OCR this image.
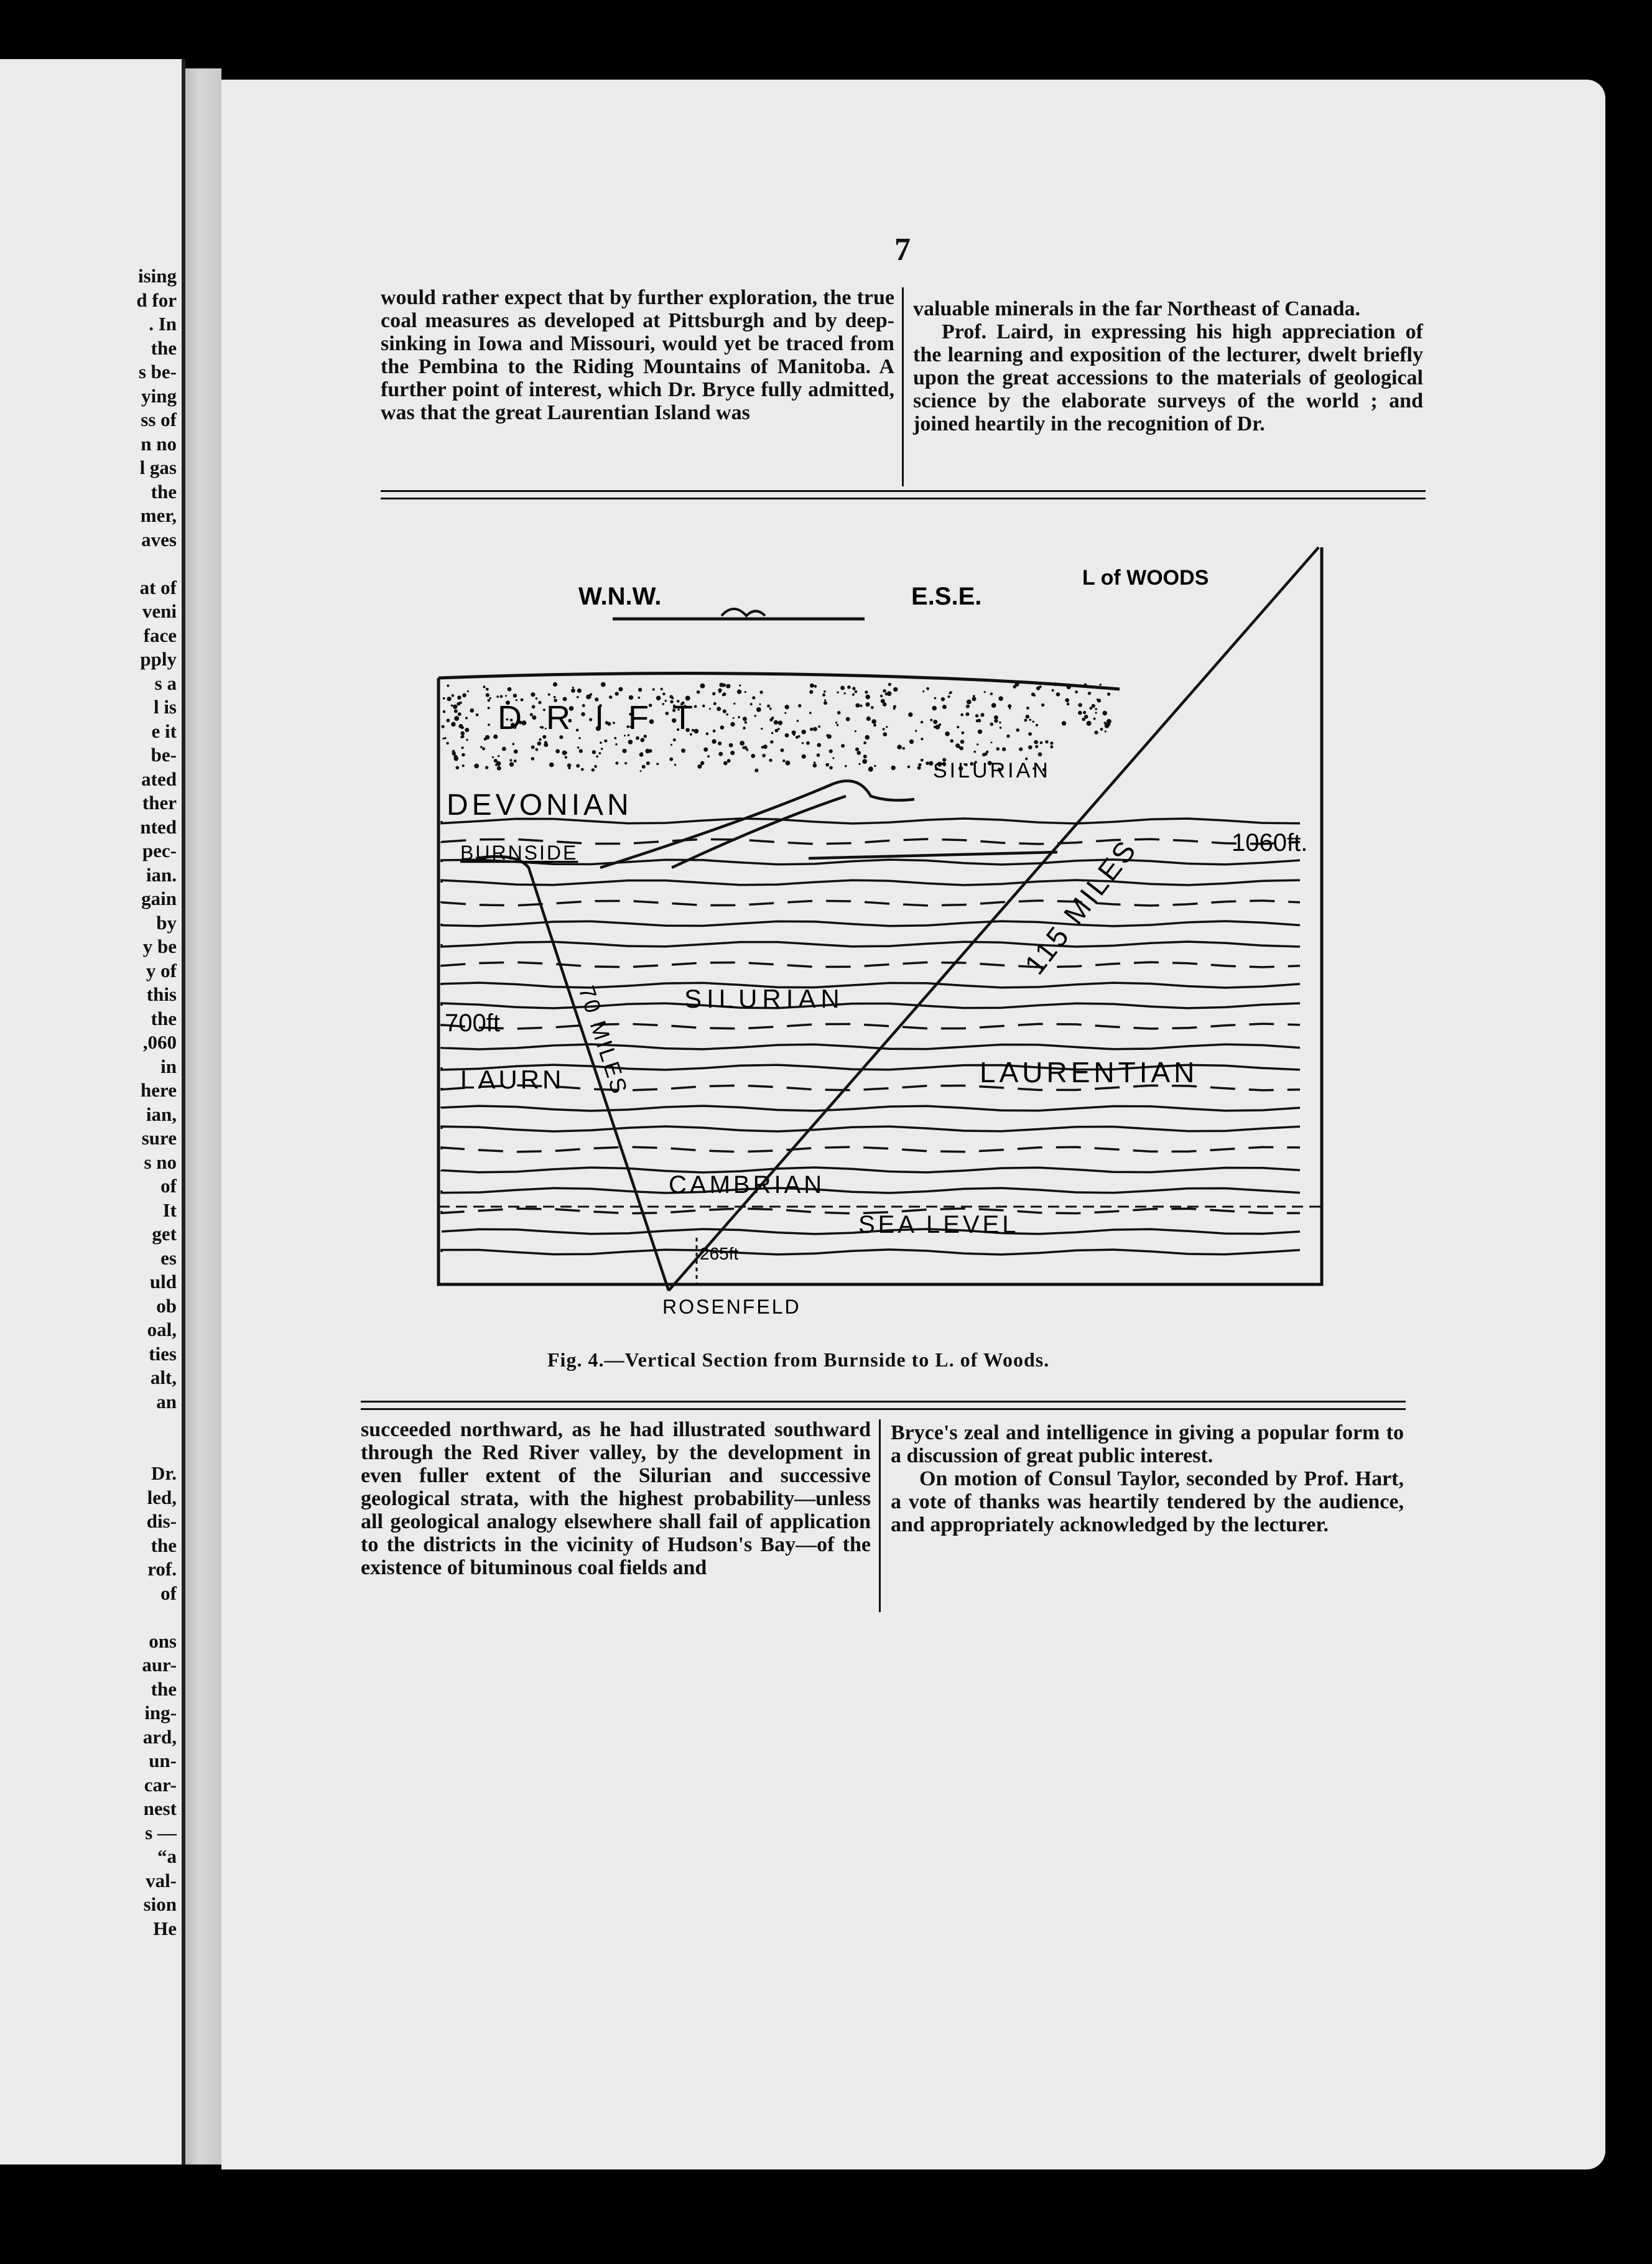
ising
d for
. In
the
s be-
ying
ss of
n no
l gas
the
mer,
aves

at of
veni
face
pply
s a
l is
e it
be-
ated
ther
nted
pec-
ian.
gain
by
y be
y of
this
the
,060
in
here
ian,
sure
s no
of
It
get
es
uld
ob
oal,
ties
alt,
an

Dr.
led,
dis-
the
rof.
of

ons
aur-
the
ing-
ard,
un-
car-
nest
s —
“a
val-
sion
He
7

would rather expect that by further exploration, the true coal measures as developed at Pittsburgh and by deep-sinking in Iowa and Missouri, would yet be traced from the Pembina to the Riding Mountains of Manitoba. A further point of interest, which Dr. Bryce fully admitted, was that the great Laurentian Island was

valuable minerals in the far Northeast of Canada.

Prof. Laird, in expressing his high appreciation of the learning and exposition of the lecturer, dwelt briefly upon the great accessions to the materials of geological science by the elaborate surveys of the world ; and joined heartily in the recognition of Dr.

W.N.W.	E.S.E.
L of WOODS
D R I F T
SILURIAN
DEVONIAN
BURNSIDE	1060ft.
115 MILES
SILURIAN
700ft	70 MILES
LAURN	LAURENTIAN
CAMBRIAN
SEA LEVEL
265ft
ROSENFELD
Fig. 4.—Vertical Section from Burnside to L. of Woods.

succeeded northward, as he had illustrated southward through the Red River valley, by the development in even fuller extent of the Silurian and successive geological strata, with the highest probability—unless all geological analogy elsewhere shall fail of application to the districts in the vicinity of Hudson's Bay—of the existence of bituminous coal fields and

Bryce's zeal and intelligence in giving a popular form to a discussion of great public interest.

On motion of Consul Taylor, seconded by Prof. Hart, a vote of thanks was heartily tendered by the audience, and appropriately acknowledged by the lecturer.
